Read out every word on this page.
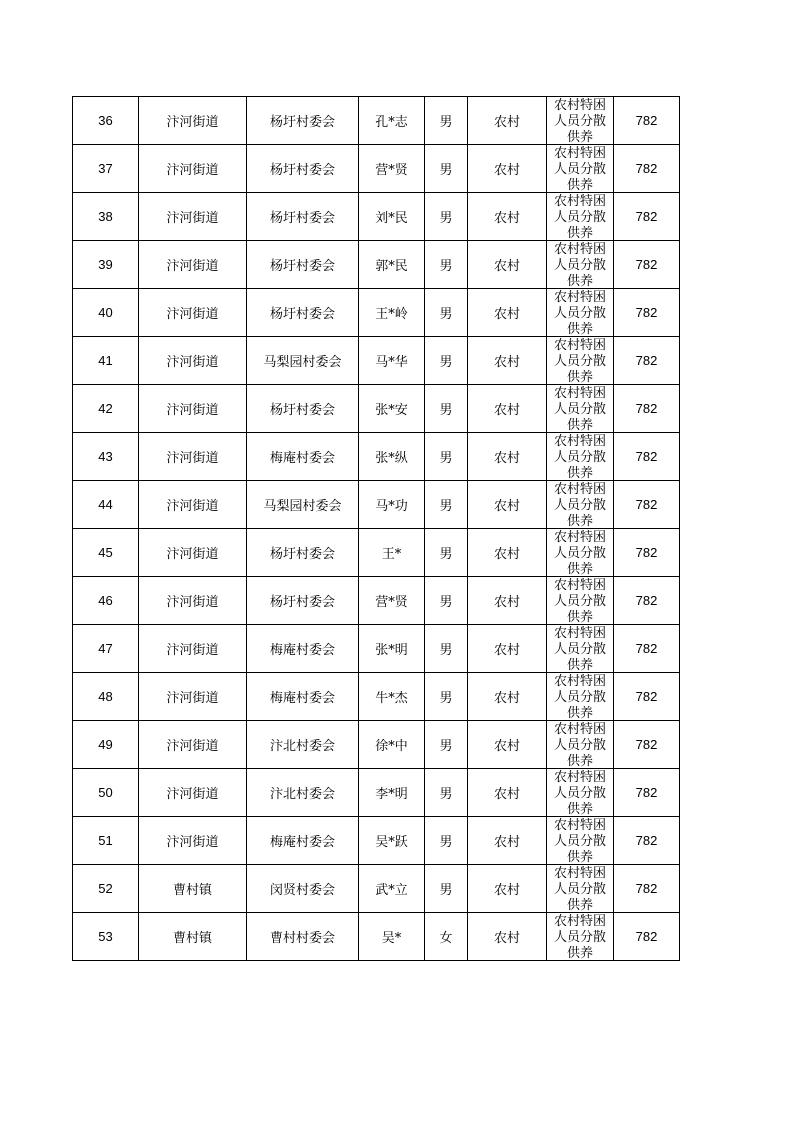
36	汴河街道	杨圩村委会	孔*志	男	农村	农村特困人员分散供养	782
37	汴河街道	杨圩村委会	营*贤	男	农村	农村特困人员分散供养	782
38	汴河街道	杨圩村委会	刘*民	男	农村	农村特困人员分散供养	782
39	汴河街道	杨圩村委会	郭*民	男	农村	农村特困人员分散供养	782
40	汴河街道	杨圩村委会	王*岭	男	农村	农村特困人员分散供养	782
41	汴河街道	马梨园村委会	马*华	男	农村	农村特困人员分散供养	782
42	汴河街道	杨圩村委会	张*安	男	农村	农村特困人员分散供养	782
43	汴河街道	梅庵村委会	张*纵	男	农村	农村特困人员分散供养	782
44	汴河街道	马梨园村委会	马*功	男	农村	农村特困人员分散供养	782
45	汴河街道	杨圩村委会	王*	男	农村	农村特困人员分散供养	782
46	汴河街道	杨圩村委会	营*贤	男	农村	农村特困人员分散供养	782
47	汴河街道	梅庵村委会	张*明	男	农村	农村特困人员分散供养	782
48	汴河街道	梅庵村委会	牛*杰	男	农村	农村特困人员分散供养	782
49	汴河街道	汴北村委会	徐*中	男	农村	农村特困人员分散供养	782
50	汴河街道	汴北村委会	李*明	男	农村	农村特困人员分散供养	782
51	汴河街道	梅庵村委会	吴*跃	男	农村	农村特困人员分散供养	782
52	曹村镇	闵贤村委会	武*立	男	农村	农村特困人员分散供养	782
53	曹村镇	曹村村委会	吴*	女	农村	农村特困人员分散供养	782
